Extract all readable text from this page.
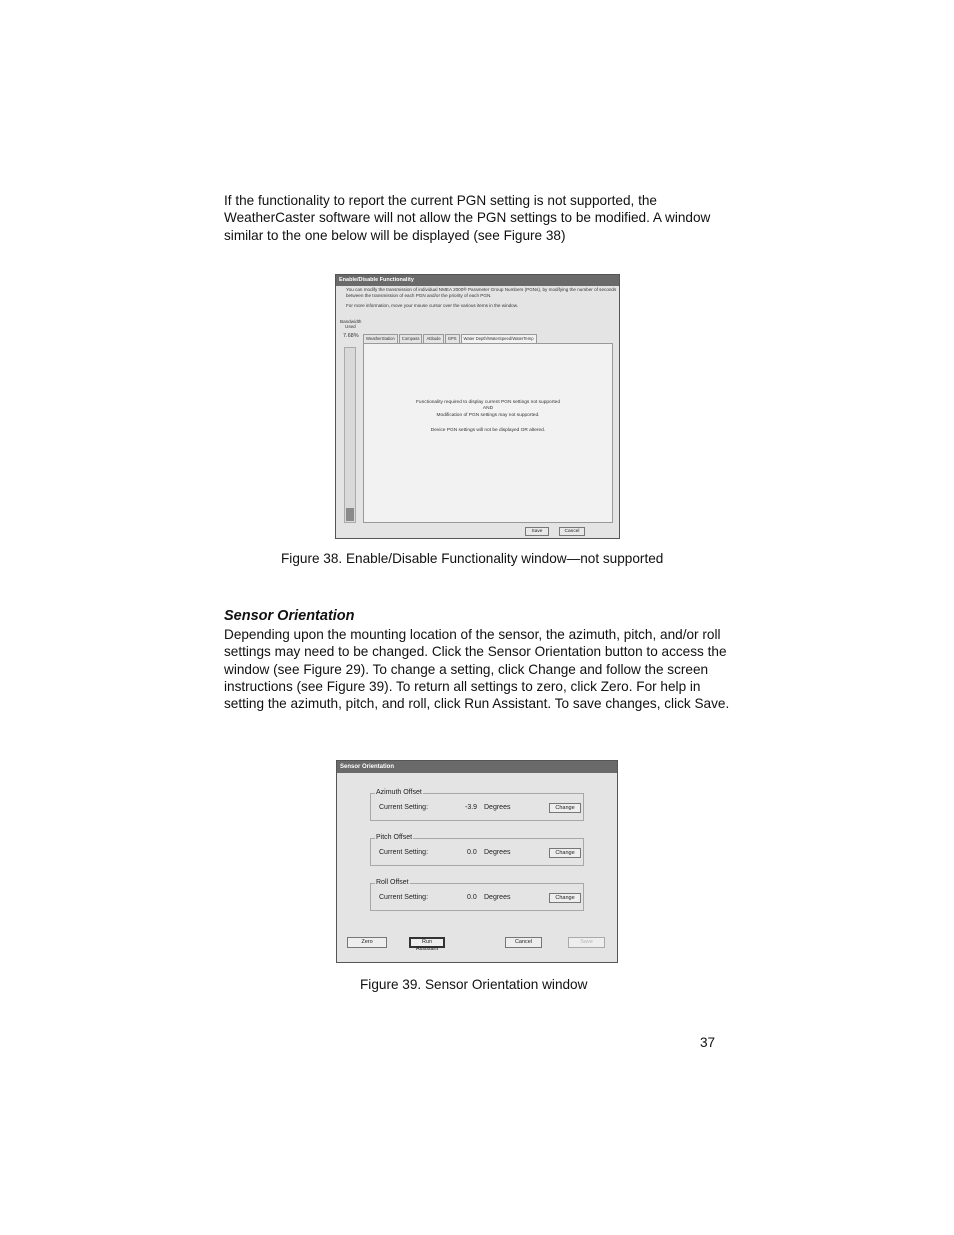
If the functionality to report the current PGN setting is not supported, the WeatherCaster software will not allow the PGN settings to be modified. A window similar to the one below will be displayed (see Figure 38)

Enable/Disable Functionality
You can modify the transmission of individual NMEA 2000® Parameter Group Numbers (PGNs), by modifying the number of seconds
between the transmission of each PGN and/or the priority of each PGN.
For more information, move your mouse cursor over the various items in the window.
Bandwidth
Used
7.68%	WeatherStation	Compass	Attitude	GPS	Water Depth/WaterSpeed/WaterTemp
Functionality required to display current PGN settings not supported
AND
Modification of PGN settings may not supported.
Device PGN settings will not be displayed OR altered.
Save	Cancel

Figure 38. Enable/Disable Functionality window—not supported

Sensor Orientation

Depending upon the mounting location of the sensor, the azimuth, pitch, and/or roll settings may need to be changed. Click the Sensor Orientation button to access the window (see Figure 29). To change a setting, click Change and follow the screen instructions (see Figure 39). To return all settings to zero, click Zero. For help in setting the azimuth, pitch, and roll, click Run Assistant. To save changes, click Save.

Sensor Orientation
Azimuth Offset
Current Setting:	-3.9 Degrees	Change
Pitch Offset
Current Setting:	0.0 Degrees	Change
Roll Offset
Current Setting:	0.0 Degrees	Change
Zero	Run Assistant
Cancel	Save

Figure 39. Sensor Orientation window

37
